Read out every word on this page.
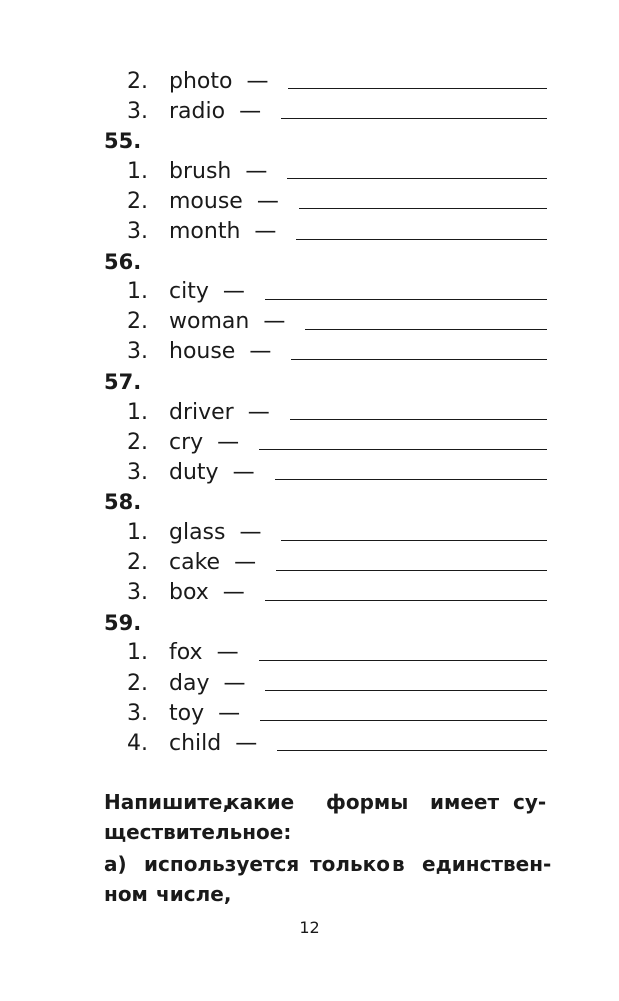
2. photo —
3. radio —
55.
1. brush —
2. mouse —
3. month —
56.
1. city —
2. woman —
3. house —
57.
1. driver —
2. cry —
3. duty —
58.
1. glass —
2. cake —
3. box —
59.
1. fox —
2. day —
3. toy —
4. child —
Напишите,
какие формы имеет су-
ществительное:
а) используется только в единствен-
ном числе,
12
